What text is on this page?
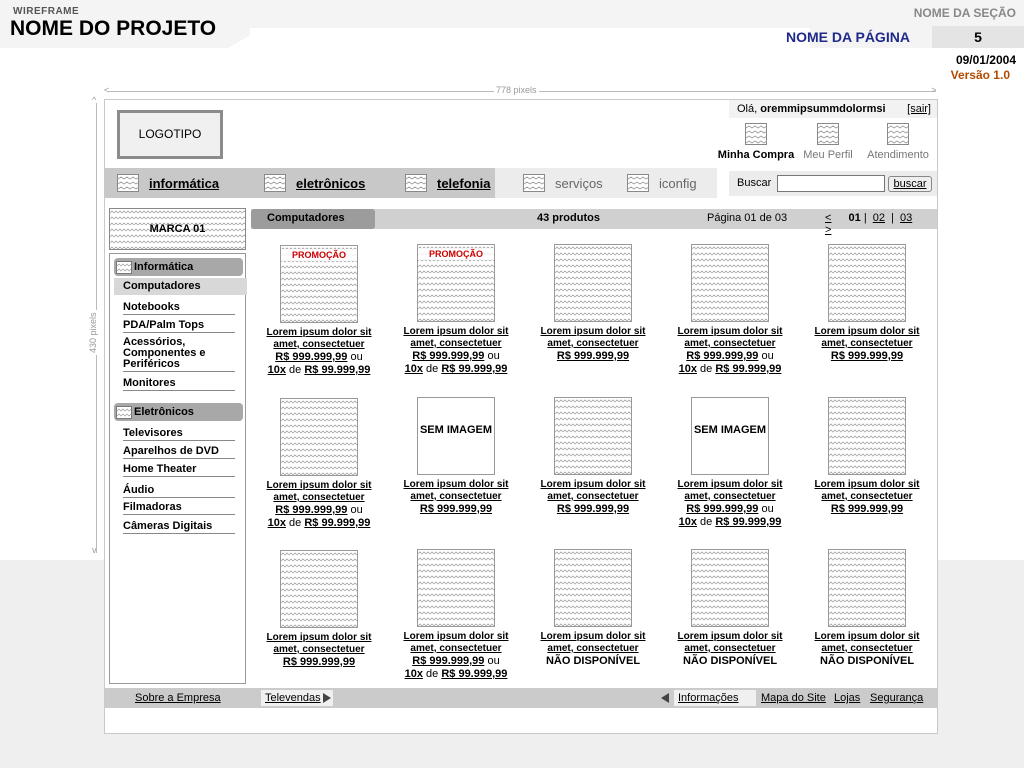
WIREFRAME
NOME DO PROJETO
NOME DA SEÇÃO
NOME DA PÁGINA	5
09/01/2004
Versão 1.0
<	>
778 pixels
^
v
430 pixels
LOGOTIPO
Olá, oremmipsummdolormsi [sair]
Minha Compra Meu Perfil	Atendimento
informática	eletrônicos	telefonia	serviços	iconfig	Buscar	buscar
MARCA 01
Informática
Computadores
Notebooks
PDA/Palm Tops
Acessórios, Componentes e Periféricos
Monitores
Eletrônicos
Televisores
Aparelhos de DVD
Home Theater
Áudio
Filmadoras
Câmeras Digitais
Computadores	43 produtos	Página 01 de 03	< 01 | 02 | 03 >
PROMOÇÃO
Lorem ipsum dolor sit amet, consectetuer
R$ 999.999,99 ou
10x de R$ 99.999,99
PROMOÇÃO
Lorem ipsum dolor sit amet, consectetuer
R$ 999.999,99 ou
10x de R$ 99.999,99
Lorem ipsum dolor sit amet, consectetuer
R$ 999.999,99
Lorem ipsum dolor sit amet, consectetuer
R$ 999.999,99 ou
10x de R$ 99.999,99
Lorem ipsum dolor sit amet, consectetuer
R$ 999.999,99
Lorem ipsum dolor sit amet, consectetuer
R$ 999.999,99 ou
10x de R$ 99.999,99
SEM IMAGEM
Lorem ipsum dolor sit amet, consectetuer
R$ 999.999,99
Lorem ipsum dolor sit amet, consectetuer
R$ 999.999,99
SEM IMAGEM
Lorem ipsum dolor sit amet, consectetuer
R$ 999.999,99 ou
10x de R$ 99.999,99
Lorem ipsum dolor sit amet, consectetuer
R$ 999.999,99
Lorem ipsum dolor sit amet, consectetuer
R$ 999.999,99
Lorem ipsum dolor sit amet, consectetuer
R$ 999.999,99 ou
10x de R$ 99.999,99
Lorem ipsum dolor sit amet, consectetuer
NÃO DISPONÍVEL
Lorem ipsum dolor sit amet, consectetuer
NÃO DISPONÍVEL
Lorem ipsum dolor sit amet, consectetuer
NÃO DISPONÍVEL
Sobre a Empresa	Televendas	Informações	Mapa do Site Lojas Segurança
